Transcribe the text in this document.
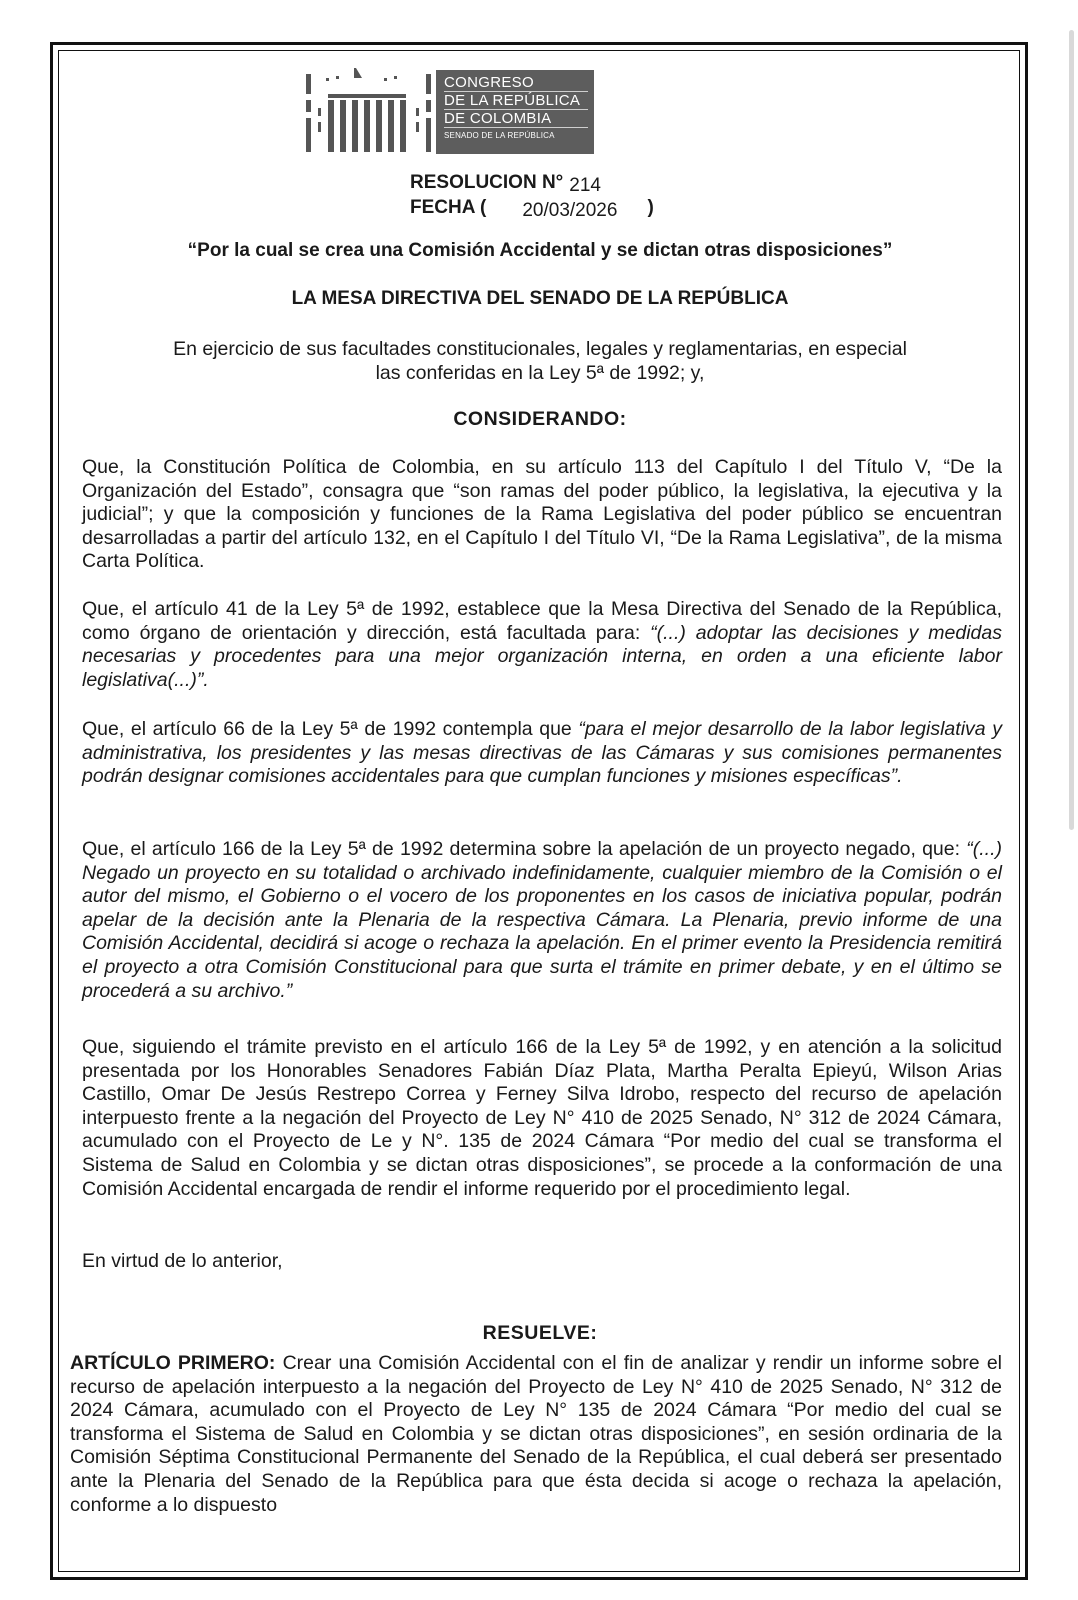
CONGRESO
DE LA REPÚBLICA
DE COLOMBIA
SENADO DE LA REPÚBLICA
RESOLUCION N° 214
FECHA ( 20/03/2026 )
“Por la cual se crea una Comisión Accidental y se dictan otras disposiciones”
LA MESA DIRECTIVA DEL SENADO DE LA REPÚBLICA
En ejercicio de sus facultades constitucionales, legales y reglamentarias, en especial
las conferidas en la Ley 5ª de 1992; y,
CONSIDERANDO:
Que, la Constitución Política de Colombia, en su artículo 113 del Capítulo I del Título V, “De la Organización del Estado”, consagra que “son ramas del poder público, la legislativa, la ejecutiva y la judicial”; y que la composición y funciones de la Rama Legislativa del poder público se encuentran desarrolladas a partir del artículo 132, en el Capítulo I del Título VI, “De la Rama Legislativa”, de la misma Carta Política.
Que, el artículo 41 de la Ley 5ª de 1992, establece que la Mesa Directiva del Senado de la República, como órgano de orientación y dirección, está facultada para: “(...) adoptar las decisiones y medidas necesarias y procedentes para una mejor organización interna, en orden a una eficiente labor legislativa(...)”.
Que, el artículo 66 de la Ley 5ª de 1992 contempla que “para el mejor desarrollo de la labor legislativa y administrativa, los presidentes y las mesas directivas de las Cámaras y sus comisiones permanentes podrán designar comisiones accidentales para que cumplan funciones y misiones específicas”.
Que, el artículo 166 de la Ley 5ª de 1992 determina sobre la apelación de un proyecto negado, que: “(...) Negado un proyecto en su totalidad o archivado indefinidamente, cualquier miembro de la Comisión o el autor del mismo, el Gobierno o el vocero de los proponentes en los casos de iniciativa popular, podrán apelar de la decisión ante la Plenaria de la respectiva Cámara. La Plenaria, previo informe de una Comisión Accidental, decidirá si acoge o rechaza la apelación. En el primer evento la Presidencia remitirá el proyecto a otra Comisión Constitucional para que surta el trámite en primer debate, y en el último se procederá a su archivo.”
Que, siguiendo el trámite previsto en el artículo 166 de la Ley 5ª de 1992, y en atención a la solicitud presentada por los Honorables Senadores Fabián Díaz Plata, Martha Peralta Epieyú, Wilson Arias Castillo, Omar De Jesús Restrepo Correa y Ferney Silva Idrobo, respecto del recurso de apelación interpuesto frente a la negación del Proyecto de Ley N° 410 de 2025 Senado, N° 312 de 2024 Cámara, acumulado con el Proyecto de Le y N°. 135 de 2024 Cámara “Por medio del cual se transforma el Sistema de Salud en Colombia y se dictan otras disposiciones”, se procede a la conformación de una Comisión Accidental encargada de rendir el informe requerido por el procedimiento legal.
En virtud de lo anterior,
RESUELVE:
ARTÍCULO PRIMERO: Crear una Comisión Accidental con el fin de analizar y rendir un informe sobre el recurso de apelación interpuesto a la negación del Proyecto de Ley N° 410 de 2025 Senado, N° 312 de 2024 Cámara, acumulado con el Proyecto de Ley N° 135 de 2024 Cámara “Por medio del cual se transforma el Sistema de Salud en Colombia y se dictan otras disposiciones”, en sesión ordinaria de la Comisión Séptima Constitucional Permanente del Senado de la República, el cual deberá ser presentado ante la Plenaria del Senado de la República para que ésta decida si acoge o rechaza la apelación, conforme a lo dispuesto
